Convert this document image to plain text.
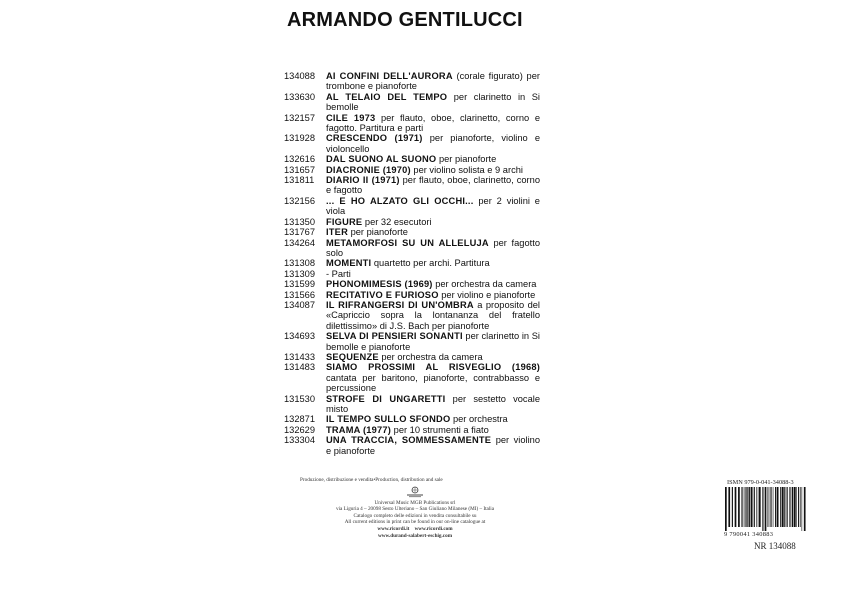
ARMANDO GENTILUCCI
134088	AI CONFINI DELL'AURORA (corale figurato) per trombone e pianoforte
133630	AL TELAIO DEL TEMPO per clarinetto in Si bemolle
132157	CILE 1973 per flauto, oboe, clarinetto, corno e fagotto. Partitura e parti
131928	CRESCENDO (1971) per pianoforte, violino e violoncello
132616	DAL SUONO AL SUONO per pianoforte
131657	DIACRONIE (1970) per violino solista e 9 archi
131811	DIARIO II (1971) per flauto, oboe, clarinetto, corno e fagotto
132156	... E HO ALZATO GLI OCCHI... per 2 violini e viola
131350	FIGURE per 32 esecutori
131767	ITER per pianoforte
134264	METAMORFOSI SU UN ALLELUJA per fagotto solo
131308	MOMENTI quartetto per archi. Partitura
131309	- Parti
131599	PHONOMIMESIS (1969) per orchestra da camera
131566	RECITATIVO E FURIOSO per violino e pianoforte
134087	IL RIFRANGERSI DI UN'OMBRA a proposito del «Capriccio sopra la lontananza del fratello dilettissimo» di J.S. Bach per pianoforte
134693	SELVA DI PENSIERI SONANTI per clarinetto in Si bemolle e pianoforte
131433	SEQUENZE per orchestra da camera
131483	SIAMO PROSSIMI AL RISVEGLIO (1968) cantata per baritono, pianoforte, contrabbasso e percussione
131530	STROFE DI UNGARETTI per sestetto vocale misto
132871	IL TEMPO SULLO SFONDO per orchestra
132629	TRAMA (1977) per 10 strumenti a fiato
133304	UNA TRACCIA, SOMMESSAMENTE per violino e pianoforte
Produzione, distribuzione e vendita•Production, distribution and sale
Universal Music MGB Publications srl
via Liguria 4 – 20098 Sesto Ulteriano – San Giuliano Milanese (MI) – Italia
Catalogo completo delle edizioni in vendita consultabile su
All current editions in print can be found in our on-line catalogue at
www.ricordi.it www.ricordi.com
www.durand-salabert-eschig.com
ISMN 979-0-041-34088-3
9 790041 340883
NR 134088
